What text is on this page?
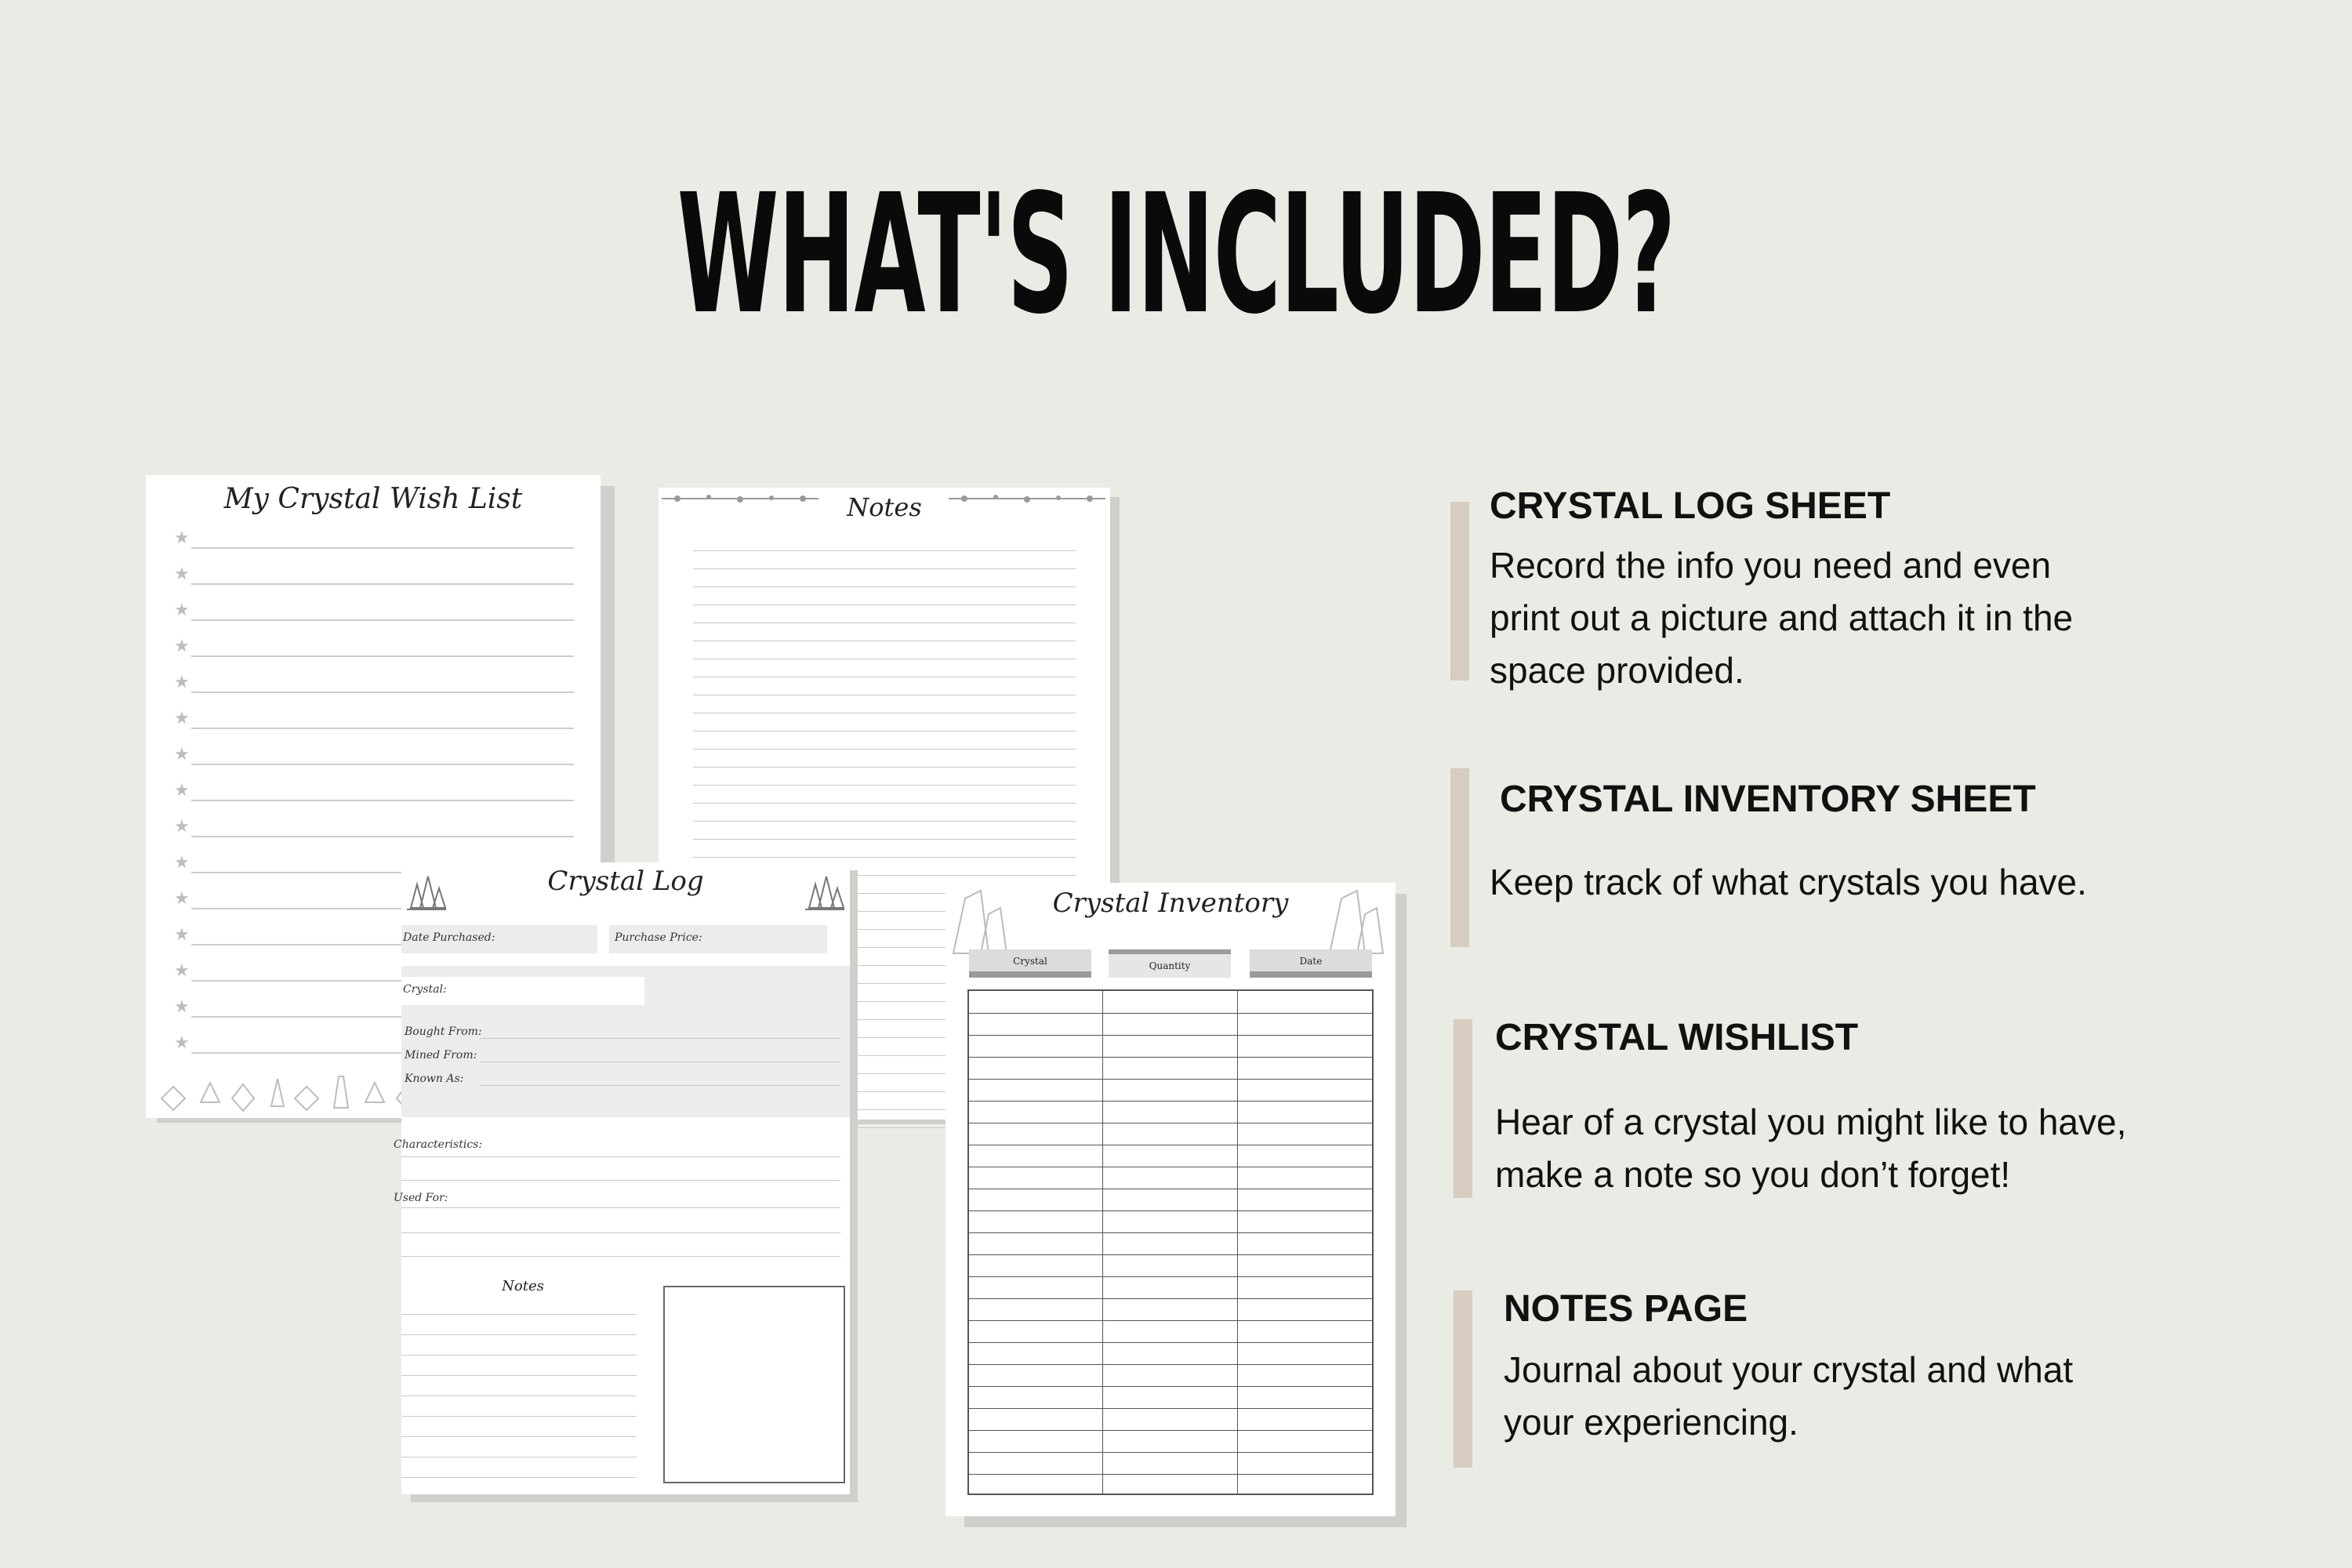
WHAT'S INCLUDED?
My Crystal Wish List
★
★
★
★
★
★
★
★
★
★
★
★
★
★
★
Notes
Crystal Log
Date Purchased:	Purchase Price:
Crystal:
Bought From:
Mined From:
Known As:
Characteristics:
Used For:
Notes
Crystal Inventory
Crystal	Quantity	Date
CRYSTAL LOG SHEET
Record the info you need and even
print out a picture and attach it in the
space provided.
CRYSTAL INVENTORY SHEET
Keep track of what crystals you have.
CRYSTAL WISHLIST
Hear of a crystal you might like to have,
make a note so you don’t forget!
NOTES PAGE
Journal about your crystal and what
your experiencing.
